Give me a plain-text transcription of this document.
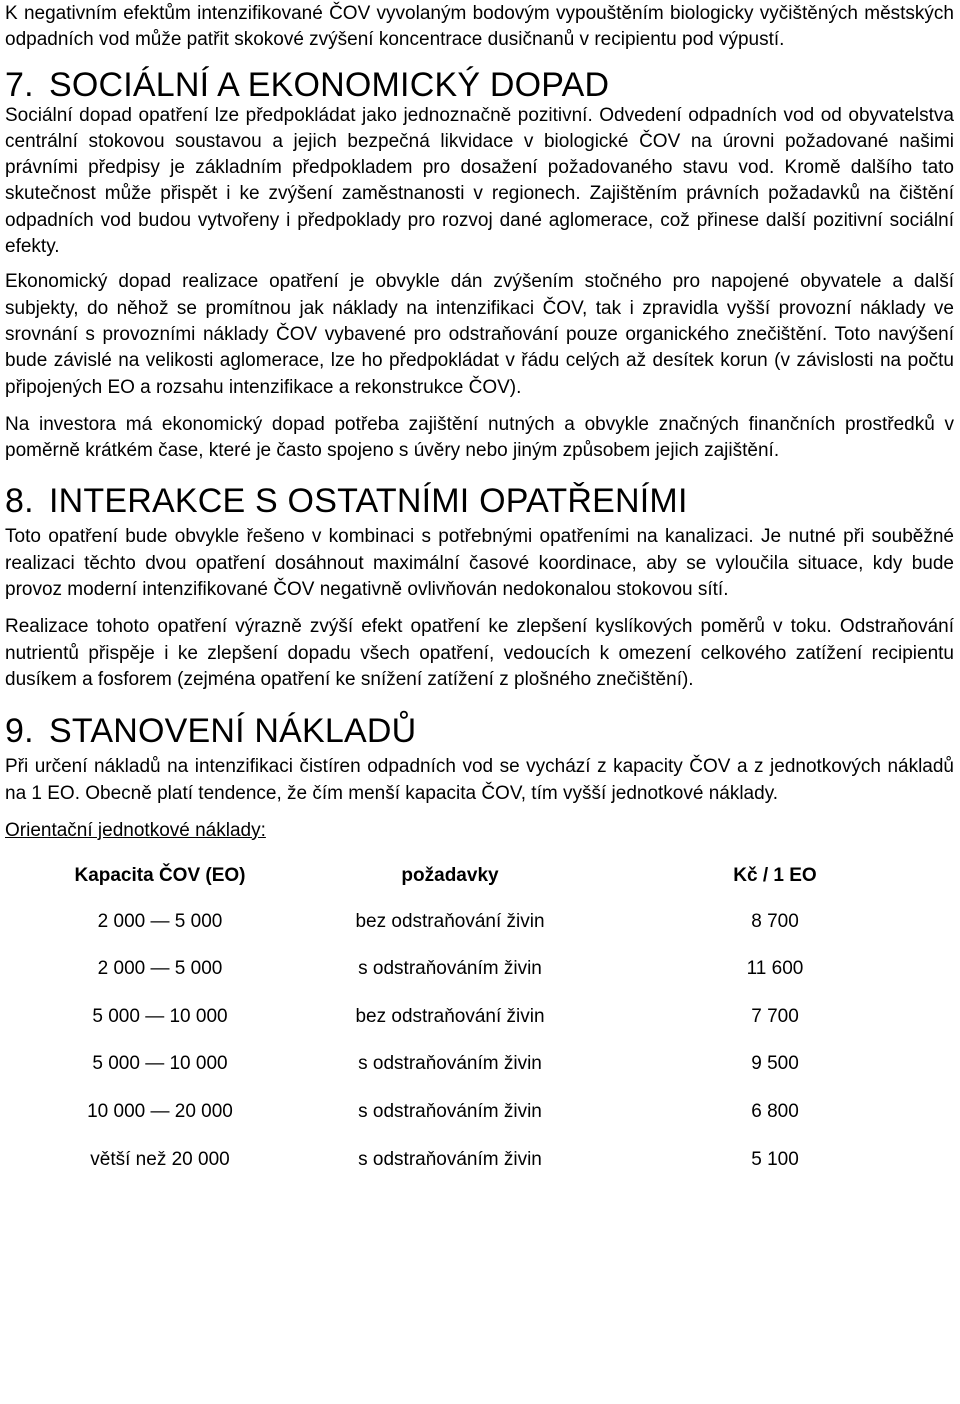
K negativním efektům intenzifikované ČOV vyvolaným bodovým vypouštěním biologicky vyčištěných městských odpadních vod může patřit skokové zvýšení koncentrace dusičnanů v recipientu pod výpustí.

7. SOCIÁLNÍ A EKONOMICKÝ DOPAD

Sociální dopad opatření lze předpokládat jako jednoznačně pozitivní. Odvedení odpadních vod od obyvatelstva centrální stokovou soustavou a jejich bezpečná likvidace v biologické ČOV na úrovni požadované našimi právními předpisy je základním předpokladem pro dosažení požadovaného stavu vod. Kromě dalšího tato skutečnost může přispět i ke zvýšení zaměstnanosti v regionech. Zajištěním právních požadavků na čištění odpadních vod budou vytvořeny i předpoklady pro rozvoj dané aglomerace, což přinese další pozitivní sociální efekty.

Ekonomický dopad realizace opatření je obvykle dán zvýšením stočného pro napojené obyvatele a další subjekty, do něhož se promítnou jak náklady na intenzifikaci ČOV, tak i zpravidla vyšší provozní náklady ve srovnání s provozními náklady ČOV vybavené pro odstraňování pouze organického znečištění. Toto navýšení bude závislé na velikosti aglomerace, lze ho předpokládat v řádu celých až desítek korun (v závislosti na počtu připojených EO a rozsahu intenzifikace a rekonstrukce ČOV).

Na investora má ekonomický dopad potřeba zajištění nutných a obvykle značných finančních prostředků v poměrně krátkém čase, které je často spojeno s úvěry nebo jiným způsobem jejich zajištění.

8. INTERAKCE S OSTATNÍMI OPATŘENÍMI

Toto opatření bude obvykle řešeno v kombinaci s potřebnými opatřeními na kanalizaci. Je nutné při souběžné realizaci těchto dvou opatření dosáhnout maximální časové koordinace, aby se vyloučila situace, kdy bude provoz moderní intenzifikované ČOV negativně ovlivňován nedokonalou stokovou sítí.

Realizace tohoto opatření výrazně zvýší efekt opatření ke zlepšení kyslíkových poměrů v toku. Odstraňování nutrientů přispěje i ke zlepšení dopadu všech opatření, vedoucích k omezení celkového zatížení recipientu dusíkem a fosforem (zejména opatření ke snížení zatížení z plošného znečištění).

9. STANOVENÍ NÁKLADŮ

Při určení nákladů na intenzifikaci čistíren odpadních vod se vychází z kapacity ČOV a z jednotkových nákladů na 1 EO. Obecně platí tendence, že čím menší kapacita ČOV, tím vyšší jednotkové náklady.

Orientační jednotkové náklady:

Kapacita ČOV (EO)	požadavky	Kč / 1 EO
2 000 — 5 000	bez odstraňování živin	8 700
2 000 — 5 000	s odstraňováním živin	11 600
5 000 — 10 000	bez odstraňování živin	7 700
5 000 — 10 000	s odstraňováním živin	9 500
10 000 — 20 000	s odstraňováním živin	6 800
větší než 20 000	s odstraňováním živin	5 100
